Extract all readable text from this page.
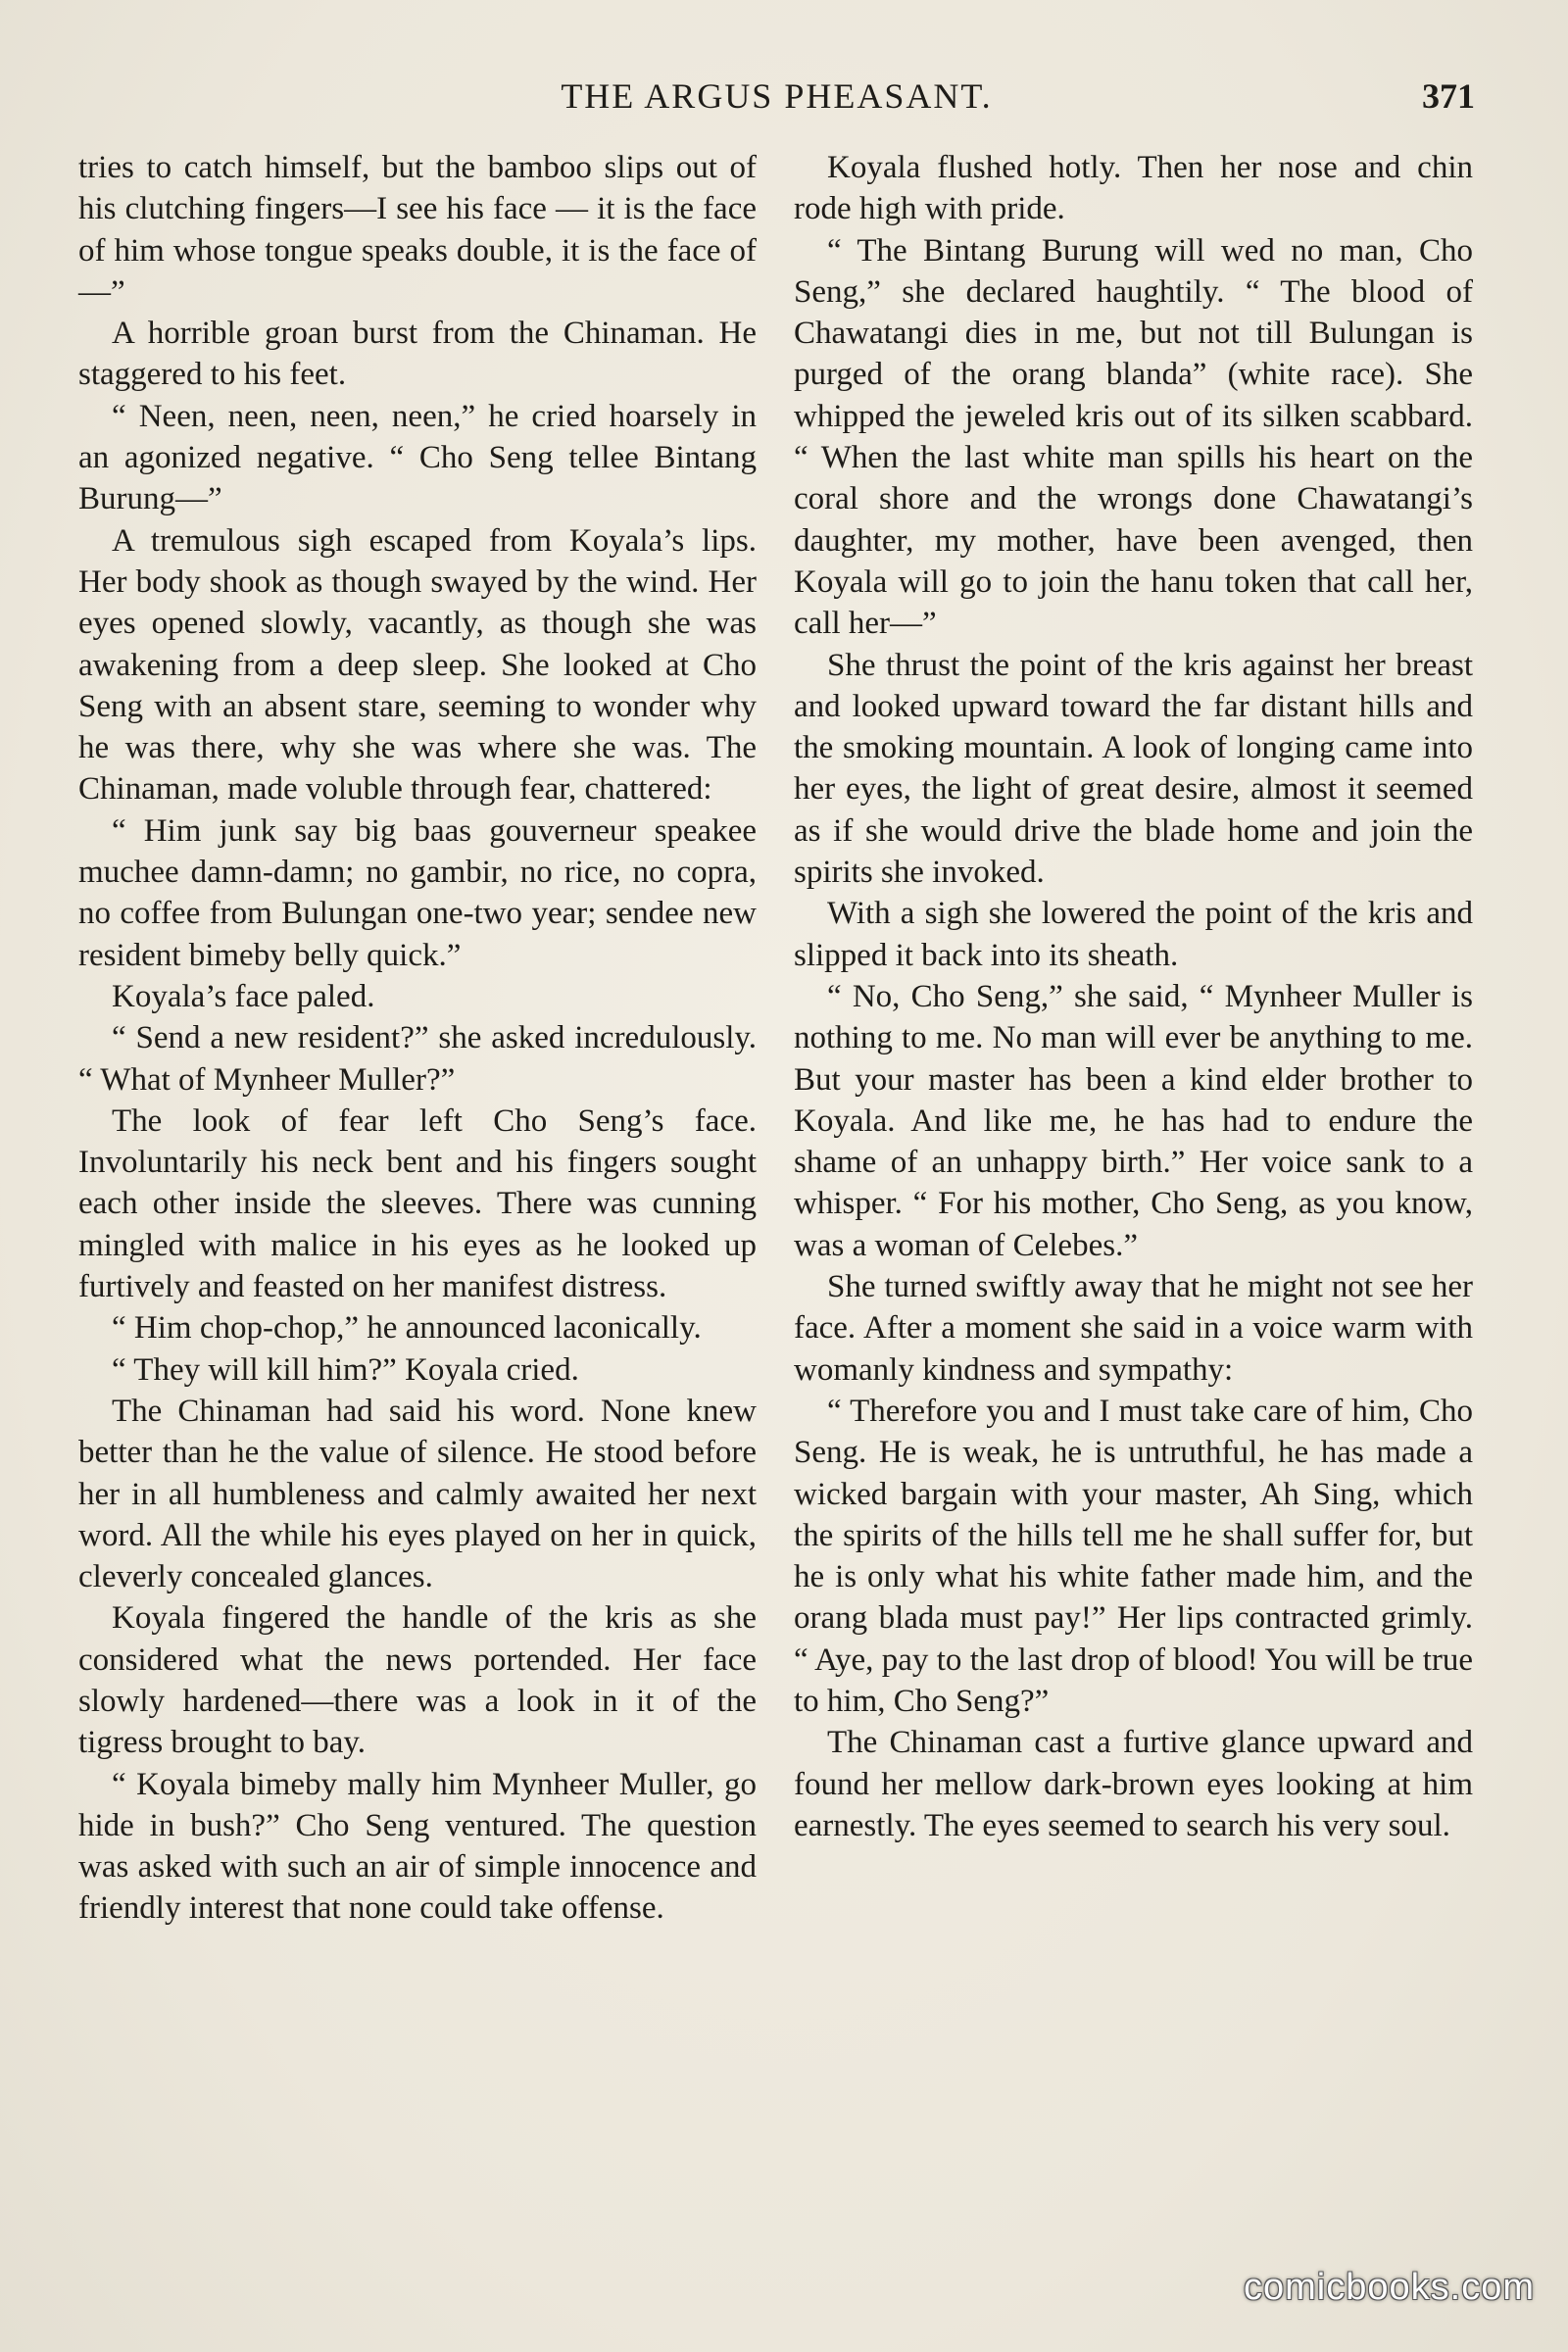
THE ARGUS PHEASANT.	371

tries to catch himself, but the bamboo slips out of his clutching fingers—I see his face — it is the face of him whose tongue speaks double, it is the face of—”

A horrible groan burst from the Chinaman. He staggered to his feet.

“ Neen, neen, neen, neen,” he cried hoarsely in an agonized negative. “ Cho Seng tellee Bintang Burung—”

A tremulous sigh escaped from Koyala’s lips. Her body shook as though swayed by the wind. Her eyes opened slowly, vacantly, as though she was awakening from a deep sleep. She looked at Cho Seng with an absent stare, seeming to wonder why he was there, why she was where she was. The Chinaman, made voluble through fear, chattered:

“ Him junk say big baas gouverneur speakee muchee damn-damn; no gambir, no rice, no copra, no coffee from Bulungan one-two year; sendee new resident bimeby belly quick.”

Koyala’s face paled.

“ Send a new resident?” she asked incredulously. “ What of Mynheer Muller?”

The look of fear left Cho Seng’s face. Involuntarily his neck bent and his fingers sought each other inside the sleeves. There was cunning mingled with malice in his eyes as he looked up furtively and feasted on her manifest distress.

“ Him chop-chop,” he announced laconically.

“ They will kill him?” Koyala cried.

The Chinaman had said his word. None knew better than he the value of silence. He stood before her in all humbleness and calmly awaited her next word. All the while his eyes played on her in quick, cleverly concealed glances.

Koyala fingered the handle of the kris as she considered what the news portended. Her face slowly hardened—there was a look in it of the tigress brought to bay.

“ Koyala bimeby mally him Mynheer Muller, go hide in bush?” Cho Seng ventured. The question was asked with such an air of simple innocence and friendly interest that none could take offense.

Koyala flushed hotly. Then her nose and chin rode high with pride.

“ The Bintang Burung will wed no man, Cho Seng,” she declared haughtily. “ The blood of Chawatangi dies in me, but not till Bulungan is purged of the orang blanda” (white race). She whipped the jeweled kris out of its silken scabbard. “ When the last white man spills his heart on the coral shore and the wrongs done Chawatangi’s daughter, my mother, have been avenged, then Koyala will go to join the hanu token that call her, call her—”

She thrust the point of the kris against her breast and looked upward toward the far distant hills and the smoking mountain. A look of longing came into her eyes, the light of great desire, almost it seemed as if she would drive the blade home and join the spirits she invoked.

With a sigh she lowered the point of the kris and slipped it back into its sheath.

“ No, Cho Seng,” she said, “ Mynheer Muller is nothing to me. No man will ever be anything to me. But your master has been a kind elder brother to Koyala. And like me, he has had to endure the shame of an unhappy birth.” Her voice sank to a whisper. “ For his mother, Cho Seng, as you know, was a woman of Celebes.”

She turned swiftly away that he might not see her face. After a moment she said in a voice warm with womanly kindness and sympathy:

“ Therefore you and I must take care of him, Cho Seng. He is weak, he is untruthful, he has made a wicked bargain with your master, Ah Sing, which the spirits of the hills tell me he shall suffer for, but he is only what his white father made him, and the orang blada must pay!” Her lips contracted grimly. “ Aye, pay to the last drop of blood! You will be true to him, Cho Seng?”

The Chinaman cast a furtive glance upward and found her mellow dark-brown eyes looking at him earnestly. The eyes seemed to search his very soul.

comicbooks.com
